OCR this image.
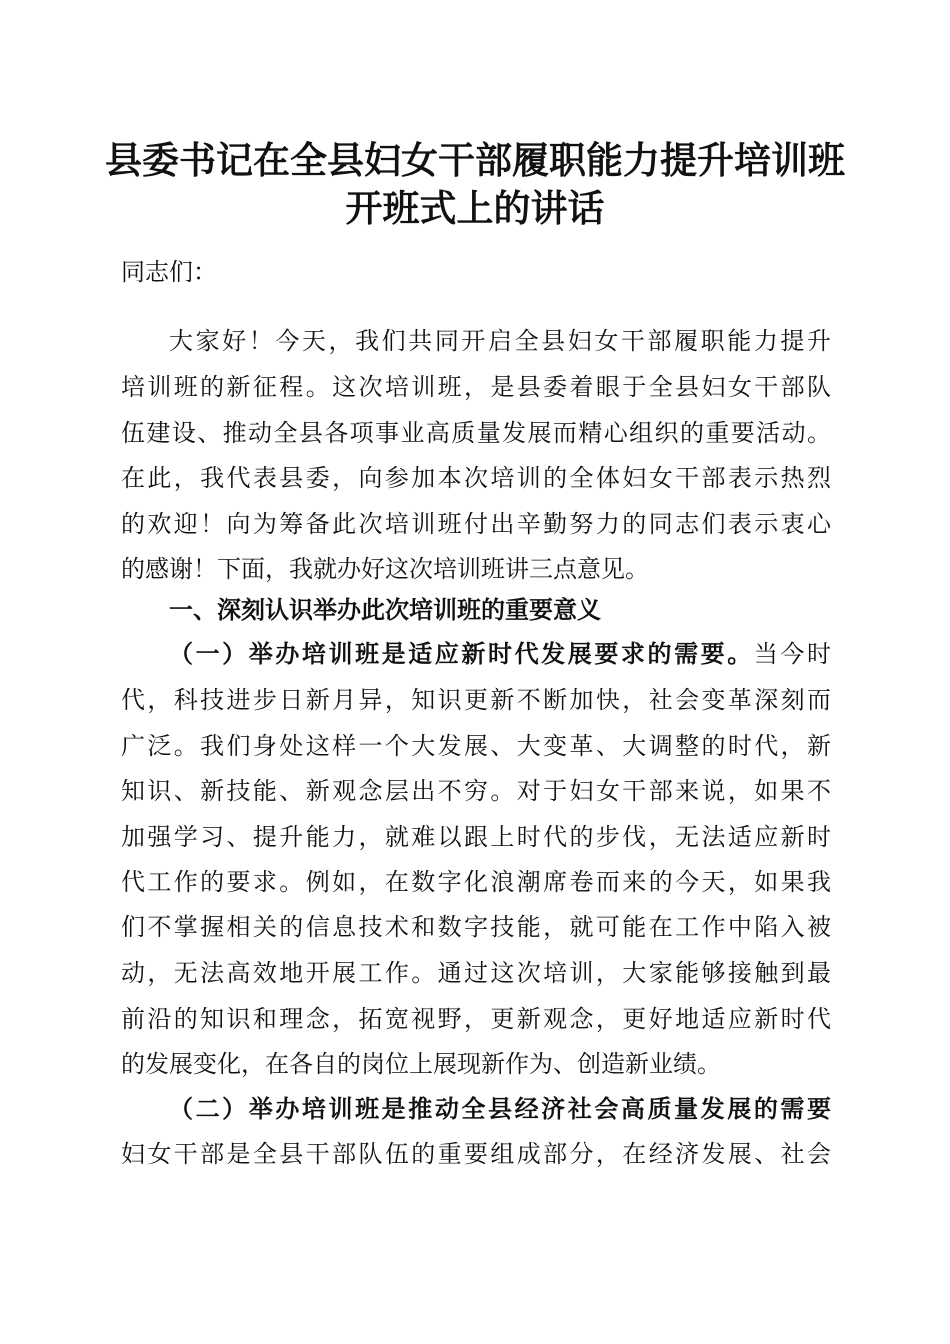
县委书记在全县妇女干部履职能力提升培训班
开班式上的讲话

同志们：

大家好！今天，我们共同开启全县妇女干部履职能力提升

培训班的新征程。这次培训班，是县委着眼于全县妇女干部队

伍建设、推动全县各项事业高质量发展而精心组织的重要活动。

在此，我代表县委，向参加本次培训的全体妇女干部表示热烈

的欢迎！向为筹备此次培训班付出辛勤努力的同志们表示衷心

的感谢！下面，我就办好这次培训班讲三点意见。

一、深刻认识举办此次培训班的重要意义

（一）举办培训班是适应新时代发展要求的需要。当今时

代，科技进步日新月异，知识更新不断加快，社会变革深刻而

广泛。我们身处这样一个大发展、大变革、大调整的时代，新

知识、新技能、新观念层出不穷。对于妇女干部来说，如果不

加强学习、提升能力，就难以跟上时代的步伐，无法适应新时

代工作的要求。例如，在数字化浪潮席卷而来的今天，如果我

们不掌握相关的信息技术和数字技能，就可能在工作中陷入被

动，无法高效地开展工作。通过这次培训，大家能够接触到最

前沿的知识和理念，拓宽视野，更新观念，更好地适应新时代

的发展变化，在各自的岗位上展现新作为、创造新业绩。

（二）举办培训班是推动全县经济社会高质量发展的需要

妇女干部是全县干部队伍的重要组成部分，在经济发展、社会
